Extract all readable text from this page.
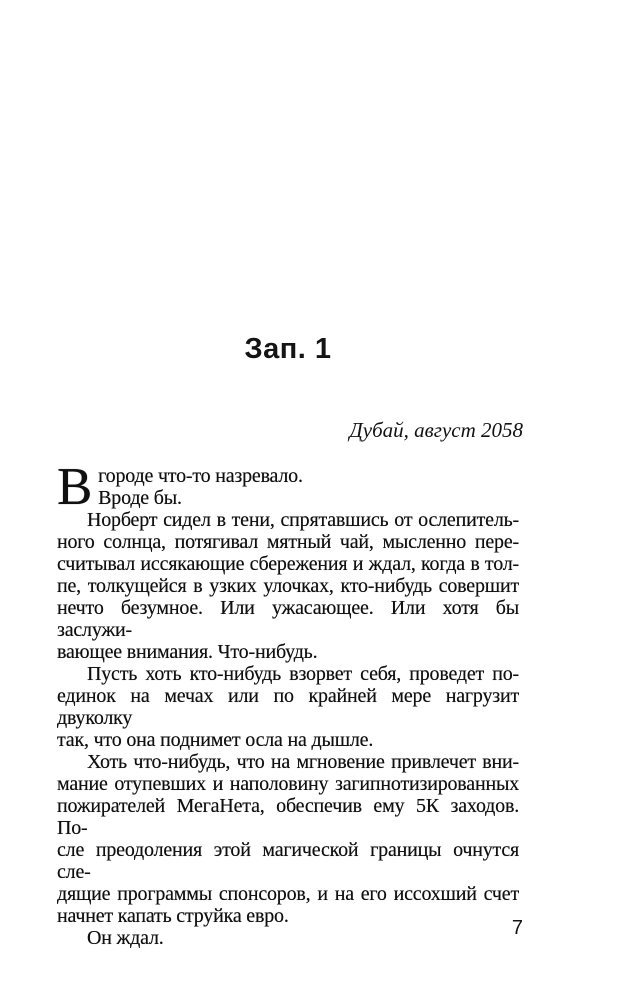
Зап. 1
Дубай, август 2058
В городе что-то назревало.
Вроде бы.
Норберт сидел в тени, спрятавшись от ослепитель-
ного солнца, потягивал мятный чай, мысленно пере-
считывал иссякающие сбережения и ждал, когда в тол-
пе, толкущейся в узких улочках, кто-нибудь совершит
нечто безумное. Или ужасающее. Или хотя бы заслужи-
вающее внимания. Что-нибудь.
Пусть хоть кто-нибудь взорвет себя, проведет по-
единок на мечах или по крайней мере нагрузит двуколку
так, что она поднимет осла на дышле.
Хоть что-нибудь, что на мгновение привлечет вни-
мание отупевших и наполовину загипнотизированных
пожирателей МегаНета, обеспечив ему 5К заходов. По-
сле преодоления этой магической границы очнутся сле-
дящие программы спонсоров, и на его иссохший счет
начнет капать струйка евро.
Он ждал.	7
